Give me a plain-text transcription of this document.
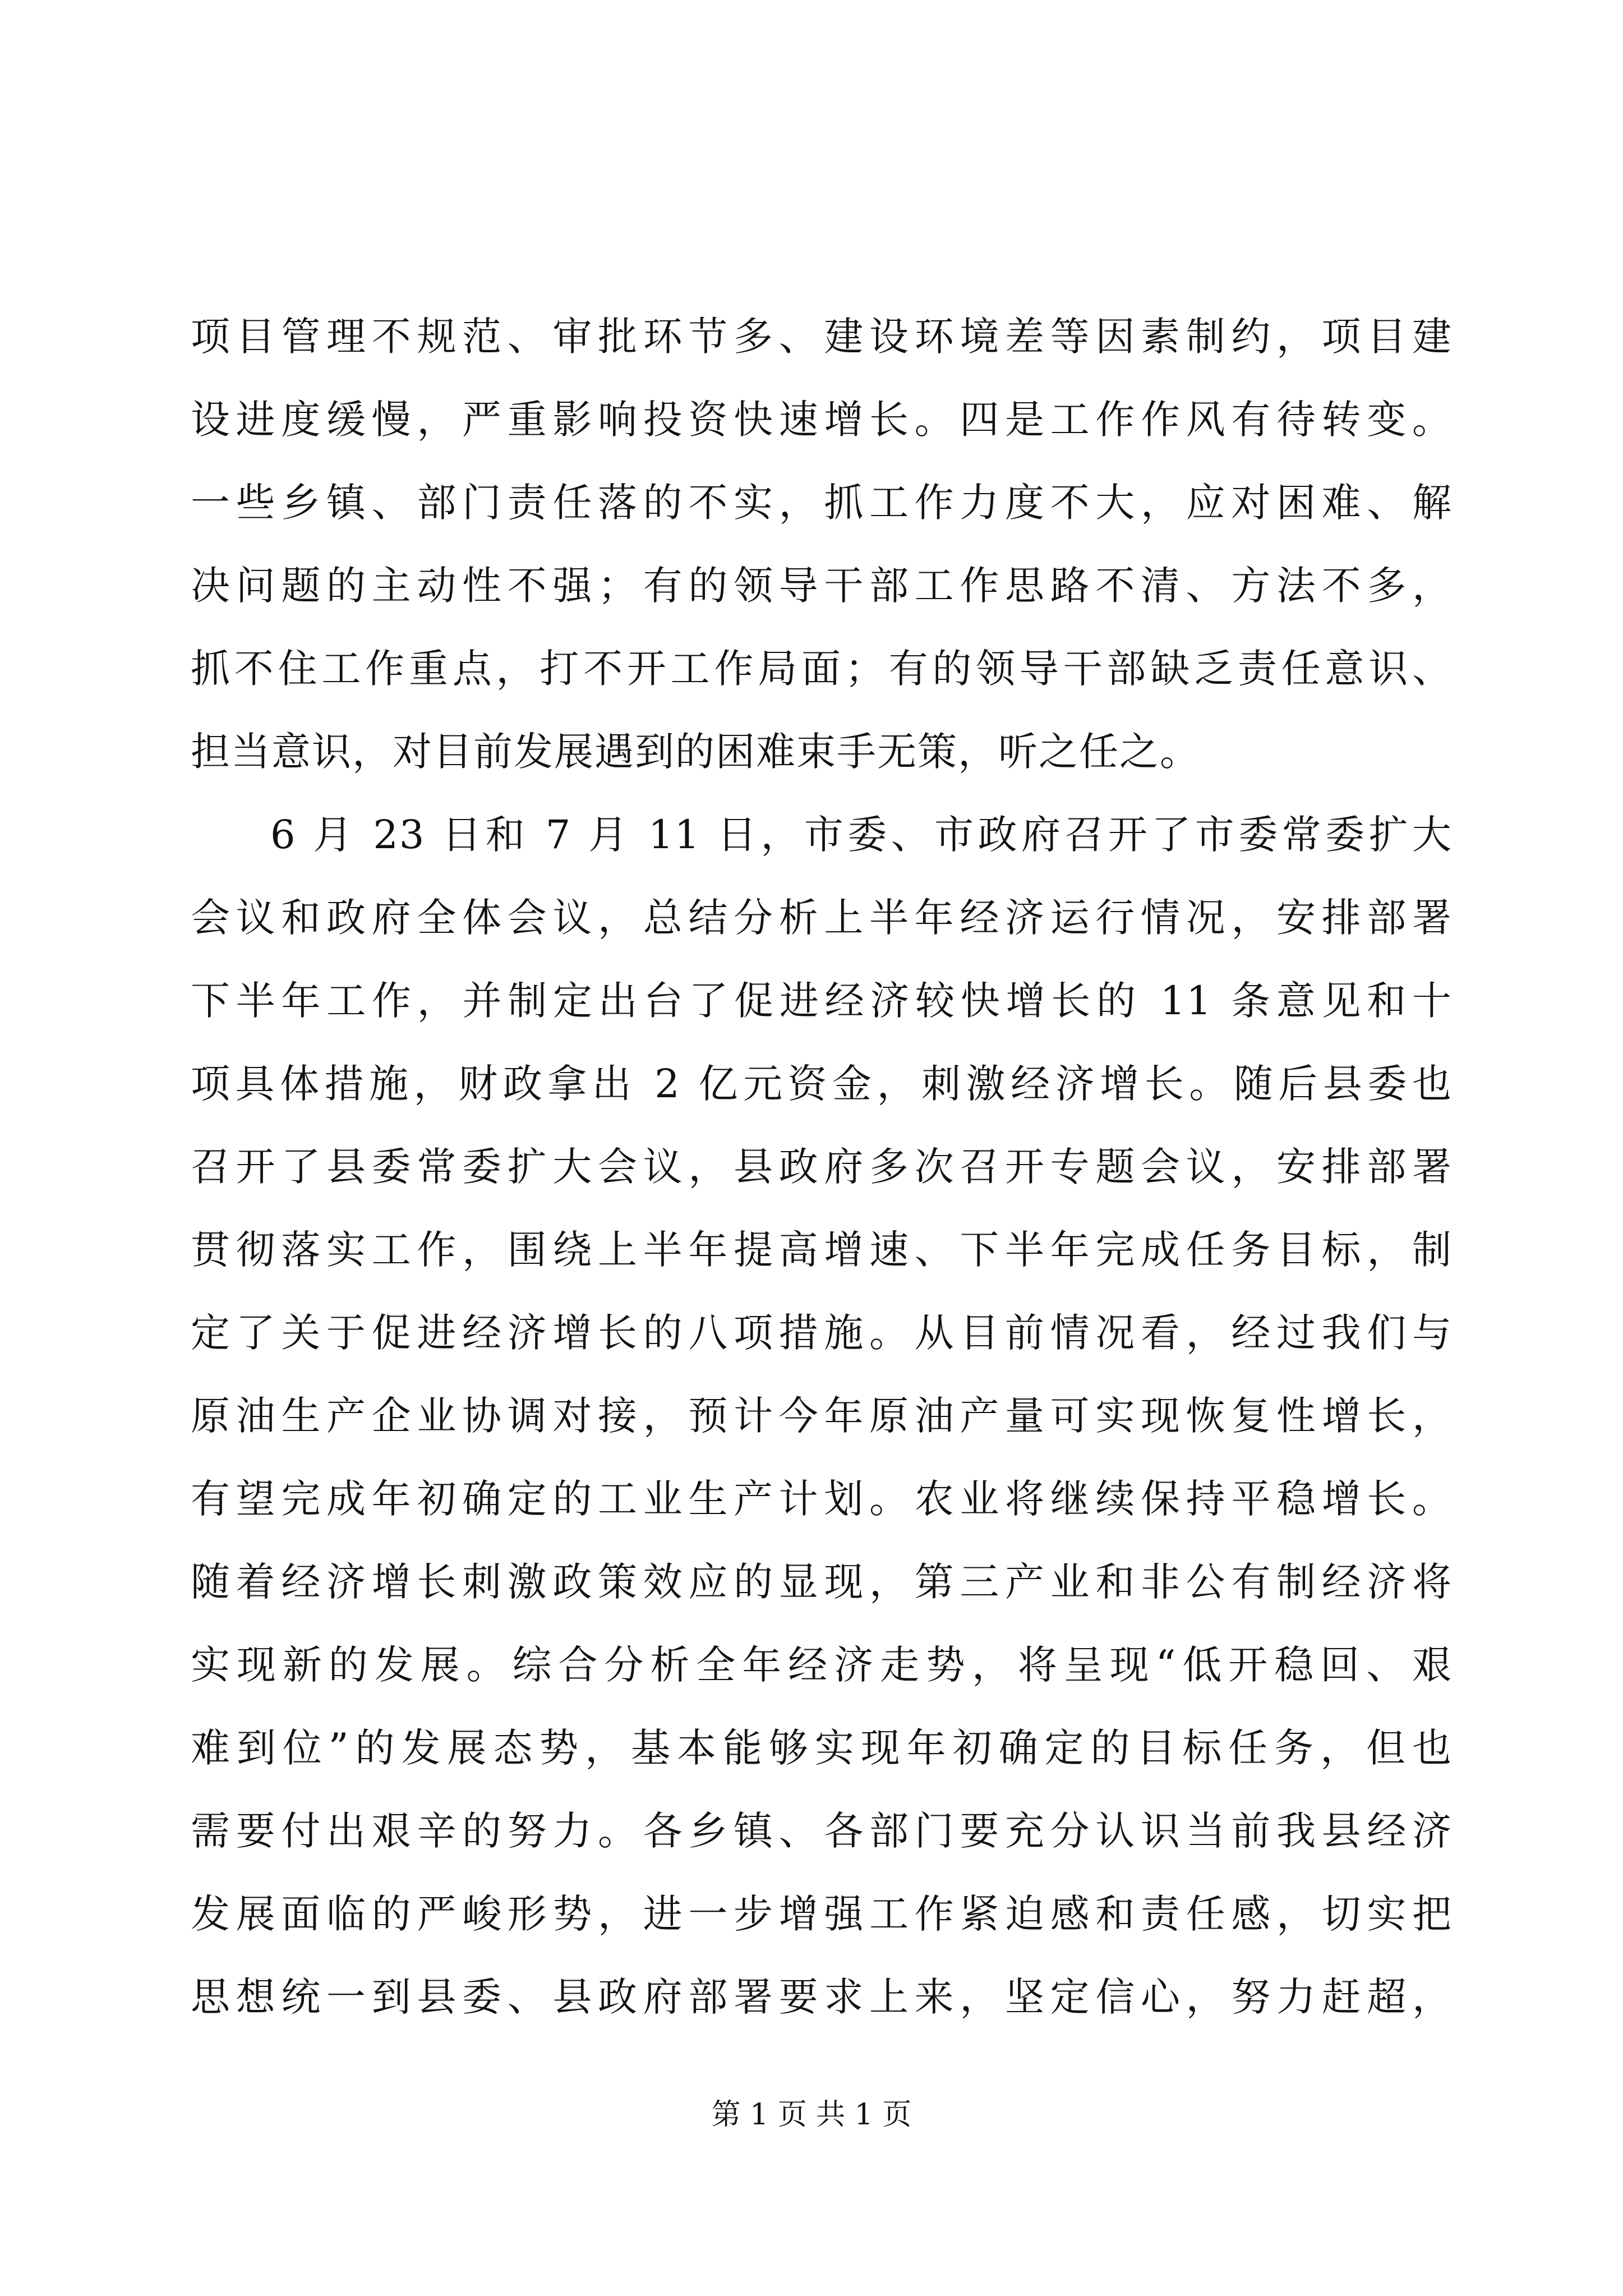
项目管理不规范、审批环节多、建设环境差等因素制约，项目建

设进度缓慢，严重影响投资快速增长。四是工作作风有待转变。

一些乡镇、部门责任落的不实，抓工作力度不大，应对困难、解

决问题的主动性不强；有的领导干部工作思路不清、方法不多，

抓不住工作重点，打不开工作局面；有的领导干部缺乏责任意识、

担当意识，对目前发展遇到的困难束手无策，听之任之。

6 月 23 日和 7 月 11 日，市委、市政府召开了市委常委扩大

会议和政府全体会议，总结分析上半年经济运行情况，安排部署

下半年工作，并制定出台了促进经济较快增长的 11 条意见和十

项具体措施，财政拿出 2 亿元资金，刺激经济增长。随后县委也

召开了县委常委扩大会议，县政府多次召开专题会议，安排部署

贯彻落实工作，围绕上半年提高增速、下半年完成任务目标，制

定了关于促进经济增长的八项措施。从目前情况看，经过我们与

原油生产企业协调对接，预计今年原油产量可实现恢复性增长，

有望完成年初确定的工业生产计划。农业将继续保持平稳增长。

随着经济增长刺激政策效应的显现，第三产业和非公有制经济将

实现新的发展。综合分析全年经济走势，将呈现“低开稳回、艰

难到位”的发展态势，基本能够实现年初确定的目标任务，但也

需要付出艰辛的努力。各乡镇、各部门要充分认识当前我县经济

发展面临的严峻形势，进一步增强工作紧迫感和责任感，切实把

思想统一到县委、县政府部署要求上来，坚定信心，努力赶超，

第 1 页 共 1 页
